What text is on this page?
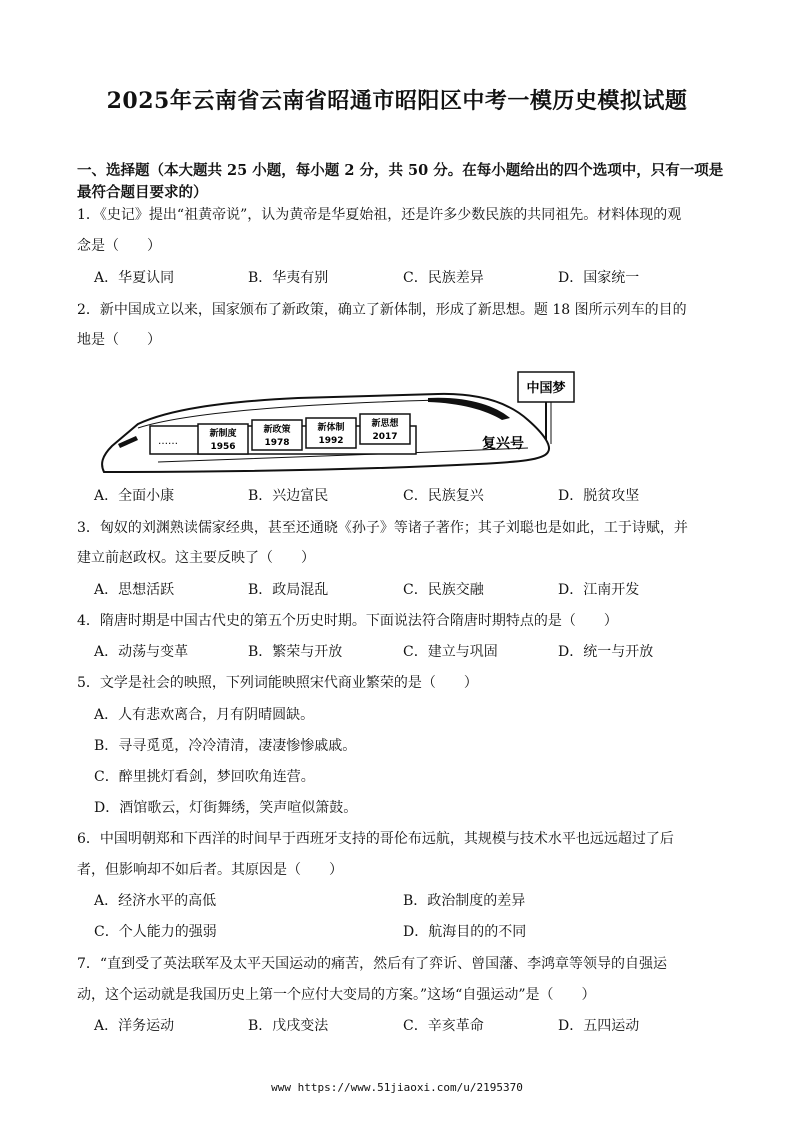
2025年云南省云南省昭通市昭阳区中考一模历史模拟试题
一、选择题（本大题共 25 小题，每小题 2 分，共 50 分。在每小题给出的四个选项中，只有一项是最符合题目要求的）
1．《史记》提出“祖黄帝说”，认为黄帝是华夏始祖，还是许多少数民族的共同祖先。材料体现的观
念是（　　）
A．华夏认同	B．华夷有别	C．民族差异	D．国家统一
2．新中国成立以来，国家颁布了新政策，确立了新体制，形成了新思想。题 18 图所示列车的目的
地是（　　）
中国梦
……
新制度
1956
新政策
1978
新体制
1992
新思想
2017	复兴号
A．全面小康	B．兴边富民	C．民族复兴	D．脱贫攻坚
3．匈奴的刘渊熟读儒家经典，甚至还通晓《孙子》等诸子著作；其子刘聪也是如此，工于诗赋，并
建立前赵政权。这主要反映了（　　）
A．思想活跃	B．政局混乱	C．民族交融	D．江南开发
4．隋唐时期是中国古代史的第五个历史时期。下面说法符合隋唐时期特点的是（　　）
A．动荡与变革	B．繁荣与开放	C．建立与巩固	D．统一与开放
5．文学是社会的映照，下列词能映照宋代商业繁荣的是（　　）
A．人有悲欢离合，月有阴晴圆缺。
B．寻寻觅觅，冷冷清清，凄凄惨惨戚戚。
C．醉里挑灯看剑，梦回吹角连营。
D．酒馆歌云，灯街舞绣，笑声喧似箫鼓。
6．中国明朝郑和下西洋的时间早于西班牙支持的哥伦布远航，其规模与技术水平也远远超过了后
者，但影响却不如后者。其原因是（　　）
A．经济水平的高低	B．政治制度的差异
C．个人能力的强弱	D．航海目的的不同
7．“直到受了英法联军及太平天国运动的痛苦，然后有了弈䜣、曾国藩、李鸿章等领导的自强运
动，这个运动就是我国历史上第一个应付大变局的方案。”这场“自强运动”是（　　）
A．洋务运动	B．戊戌变法	C．辛亥革命	D．五四运动
www https://www.51jiaoxi.com/u/2195370
